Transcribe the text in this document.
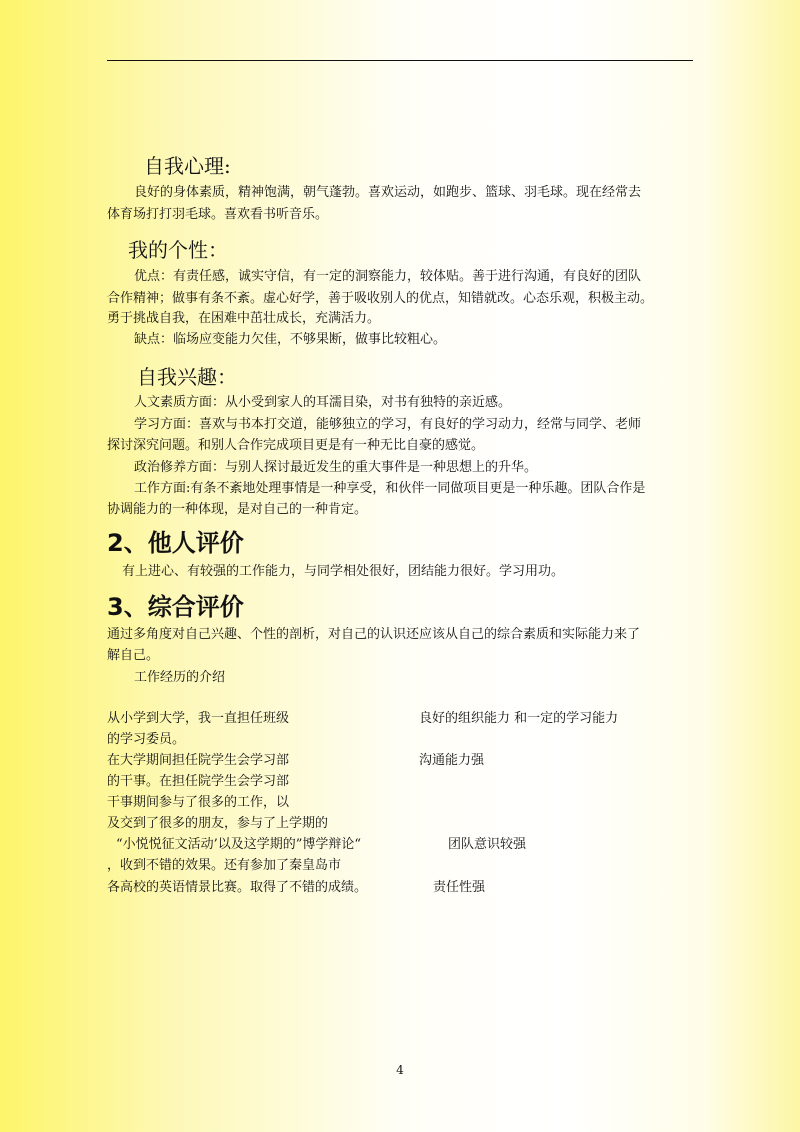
自我心理:
良好的身体素质，精神饱满，朝气蓬勃。喜欢运动，如跑步、篮球、羽毛球。现在经常去
体育场打打羽毛球。喜欢看书听音乐。
我的个性：
优点：有责任感，诚实守信，有一定的洞察能力，较体贴。善于进行沟通，有良好的团队
合作精神；做事有条不紊。虚心好学，善于吸收别人的优点，知错就改。心态乐观，积极主动。
勇于挑战自我，在困难中茁壮成长，充满活力。
缺点：临场应变能力欠佳，不够果断，做事比较粗心。
自我兴趣：
人文素质方面：从小受到家人的耳濡目染，对书有独特的亲近感。
学习方面：喜欢与书本打交道，能够独立的学习，有良好的学习动力，经常与同学、老师
探讨深究问题。和别人合作完成项目更是有一种无比自豪的感觉。
政治修养方面：与别人探讨最近发生的重大事件是一种思想上的升华。
工作方面:有条不紊地处理事情是一种享受，和伙伴一同做项目更是一种乐趣。团队合作是
协调能力的一种体现，是对自己的一种肯定。
2、他人评价
有上进心、有较强的工作能力，与同学相处很好，团结能力很好。学习用功。
3、综合评价
通过多角度对自己兴趣、个性的剖析，对自己的认识还应该从自己的综合素质和实际能力来了
解自己。
工作经历的介绍
从小学到大学，我一直担任班级
的学习委员。
在大学期间担任院学生会学习部
的干事。在担任院学生会学习部
干事期间参与了很多的工作，以
及交到了很多的朋友，参与了上学期的
“小悦悦征文活动’以及这学期的”博学辩论“
，收到不错的效果。还有参加了秦皇岛市
各高校的英语情景比赛。取得了不错的成绩。
良好的组织能力 和一定的学习能力
沟通能力强
团队意识较强
责任性强
4
